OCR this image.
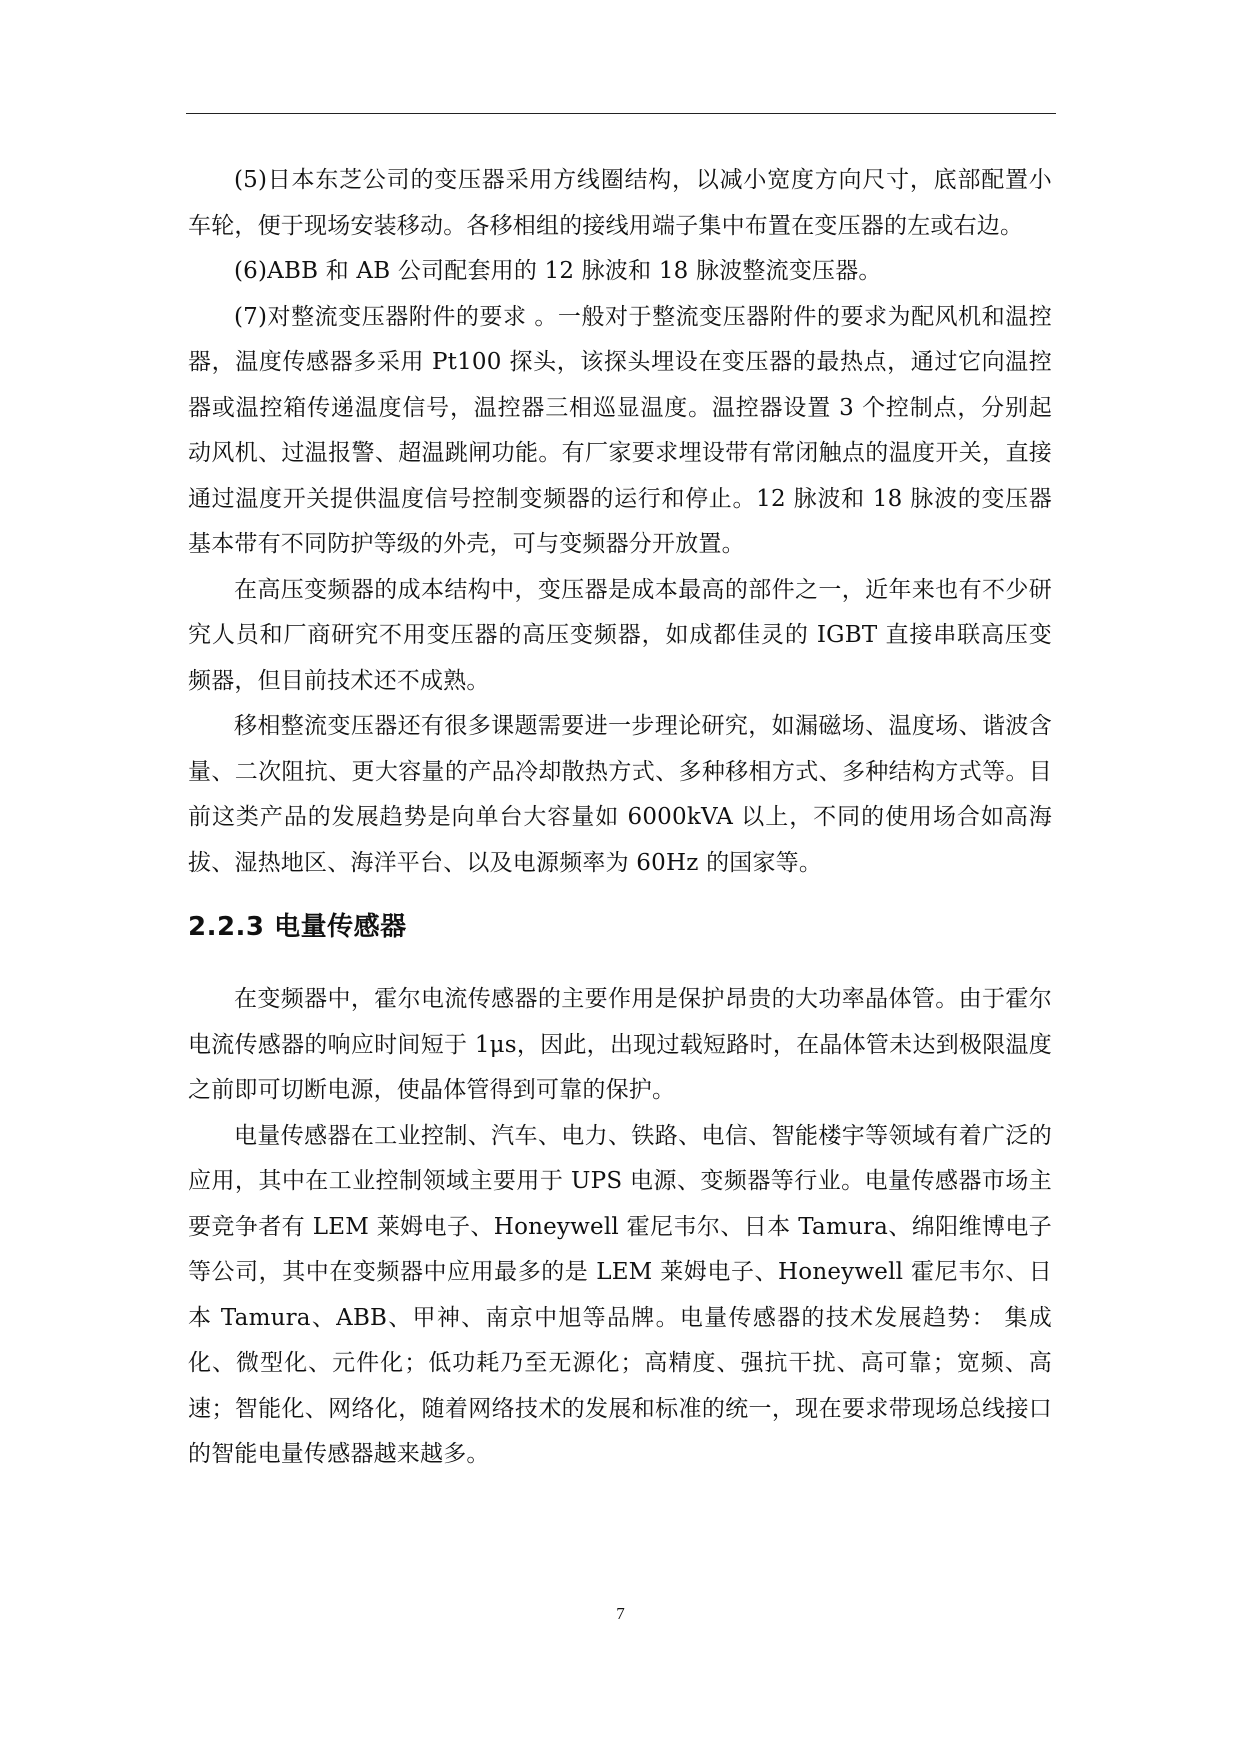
(5)日本东芝公司的变压器采用方线圈结构，以减小宽度方向尺寸，底部配置小车轮，便于现场安装移动。各移相组的接线用端子集中布置在变压器的左或右边。

(6)ABB 和 AB 公司配套用的 12 脉波和 18 脉波整流变压器。

(7)对整流变压器附件的要求 。一般对于整流变压器附件的要求为配风机和温控器，温度传感器多采用 Pt100 探头，该探头埋设在变压器的最热点，通过它向温控器或温控箱传递温度信号，温控器三相巡显温度。温控器设置 3 个控制点，分别起动风机、过温报警、超温跳闸功能。有厂家要求埋设带有常闭触点的温度开关，直接通过温度开关提供温度信号控制变频器的运行和停止。12 脉波和 18 脉波的变压器基本带有不同防护等级的外壳，可与变频器分开放置。

在高压变频器的成本结构中，变压器是成本最高的部件之一，近年来也有不少研究人员和厂商研究不用变压器的高压变频器，如成都佳灵的 IGBT 直接串联高压变频器，但目前技术还不成熟。

移相整流变压器还有很多课题需要进一步理论研究，如漏磁场、温度场、谐波含量、二次阻抗、更大容量的产品冷却散热方式、多种移相方式、多种结构方式等。目前这类产品的发展趋势是向单台大容量如 6000kVA 以上，不同的使用场合如高海拔、湿热地区、海洋平台、以及电源频率为 60Hz 的国家等。

2.2.3 电量传感器

在变频器中，霍尔电流传感器的主要作用是保护昂贵的大功率晶体管。由于霍尔电流传感器的响应时间短于 1μs，因此，出现过载短路时，在晶体管未达到极限温度之前即可切断电源，使晶体管得到可靠的保护。

电量传感器在工业控制、汽车、电力、铁路、电信、智能楼宇等领域有着广泛的应用，其中在工业控制领域主要用于 UPS 电源、变频器等行业。电量传感器市场主要竞争者有 LEM 莱姆电子、Honeywell 霍尼韦尔、日本 Tamura、绵阳维博电子等公司，其中在变频器中应用最多的是 LEM 莱姆电子、Honeywell 霍尼韦尔、日本 Tamura、ABB、甲神、南京中旭等品牌。电量传感器的技术发展趋势： 集成化、微型化、元件化；低功耗乃至无源化；高精度、强抗干扰、高可靠；宽频、高速；智能化、网络化，随着网络技术的发展和标准的统一，现在要求带现场总线接口的智能电量传感器越来越多。

7
